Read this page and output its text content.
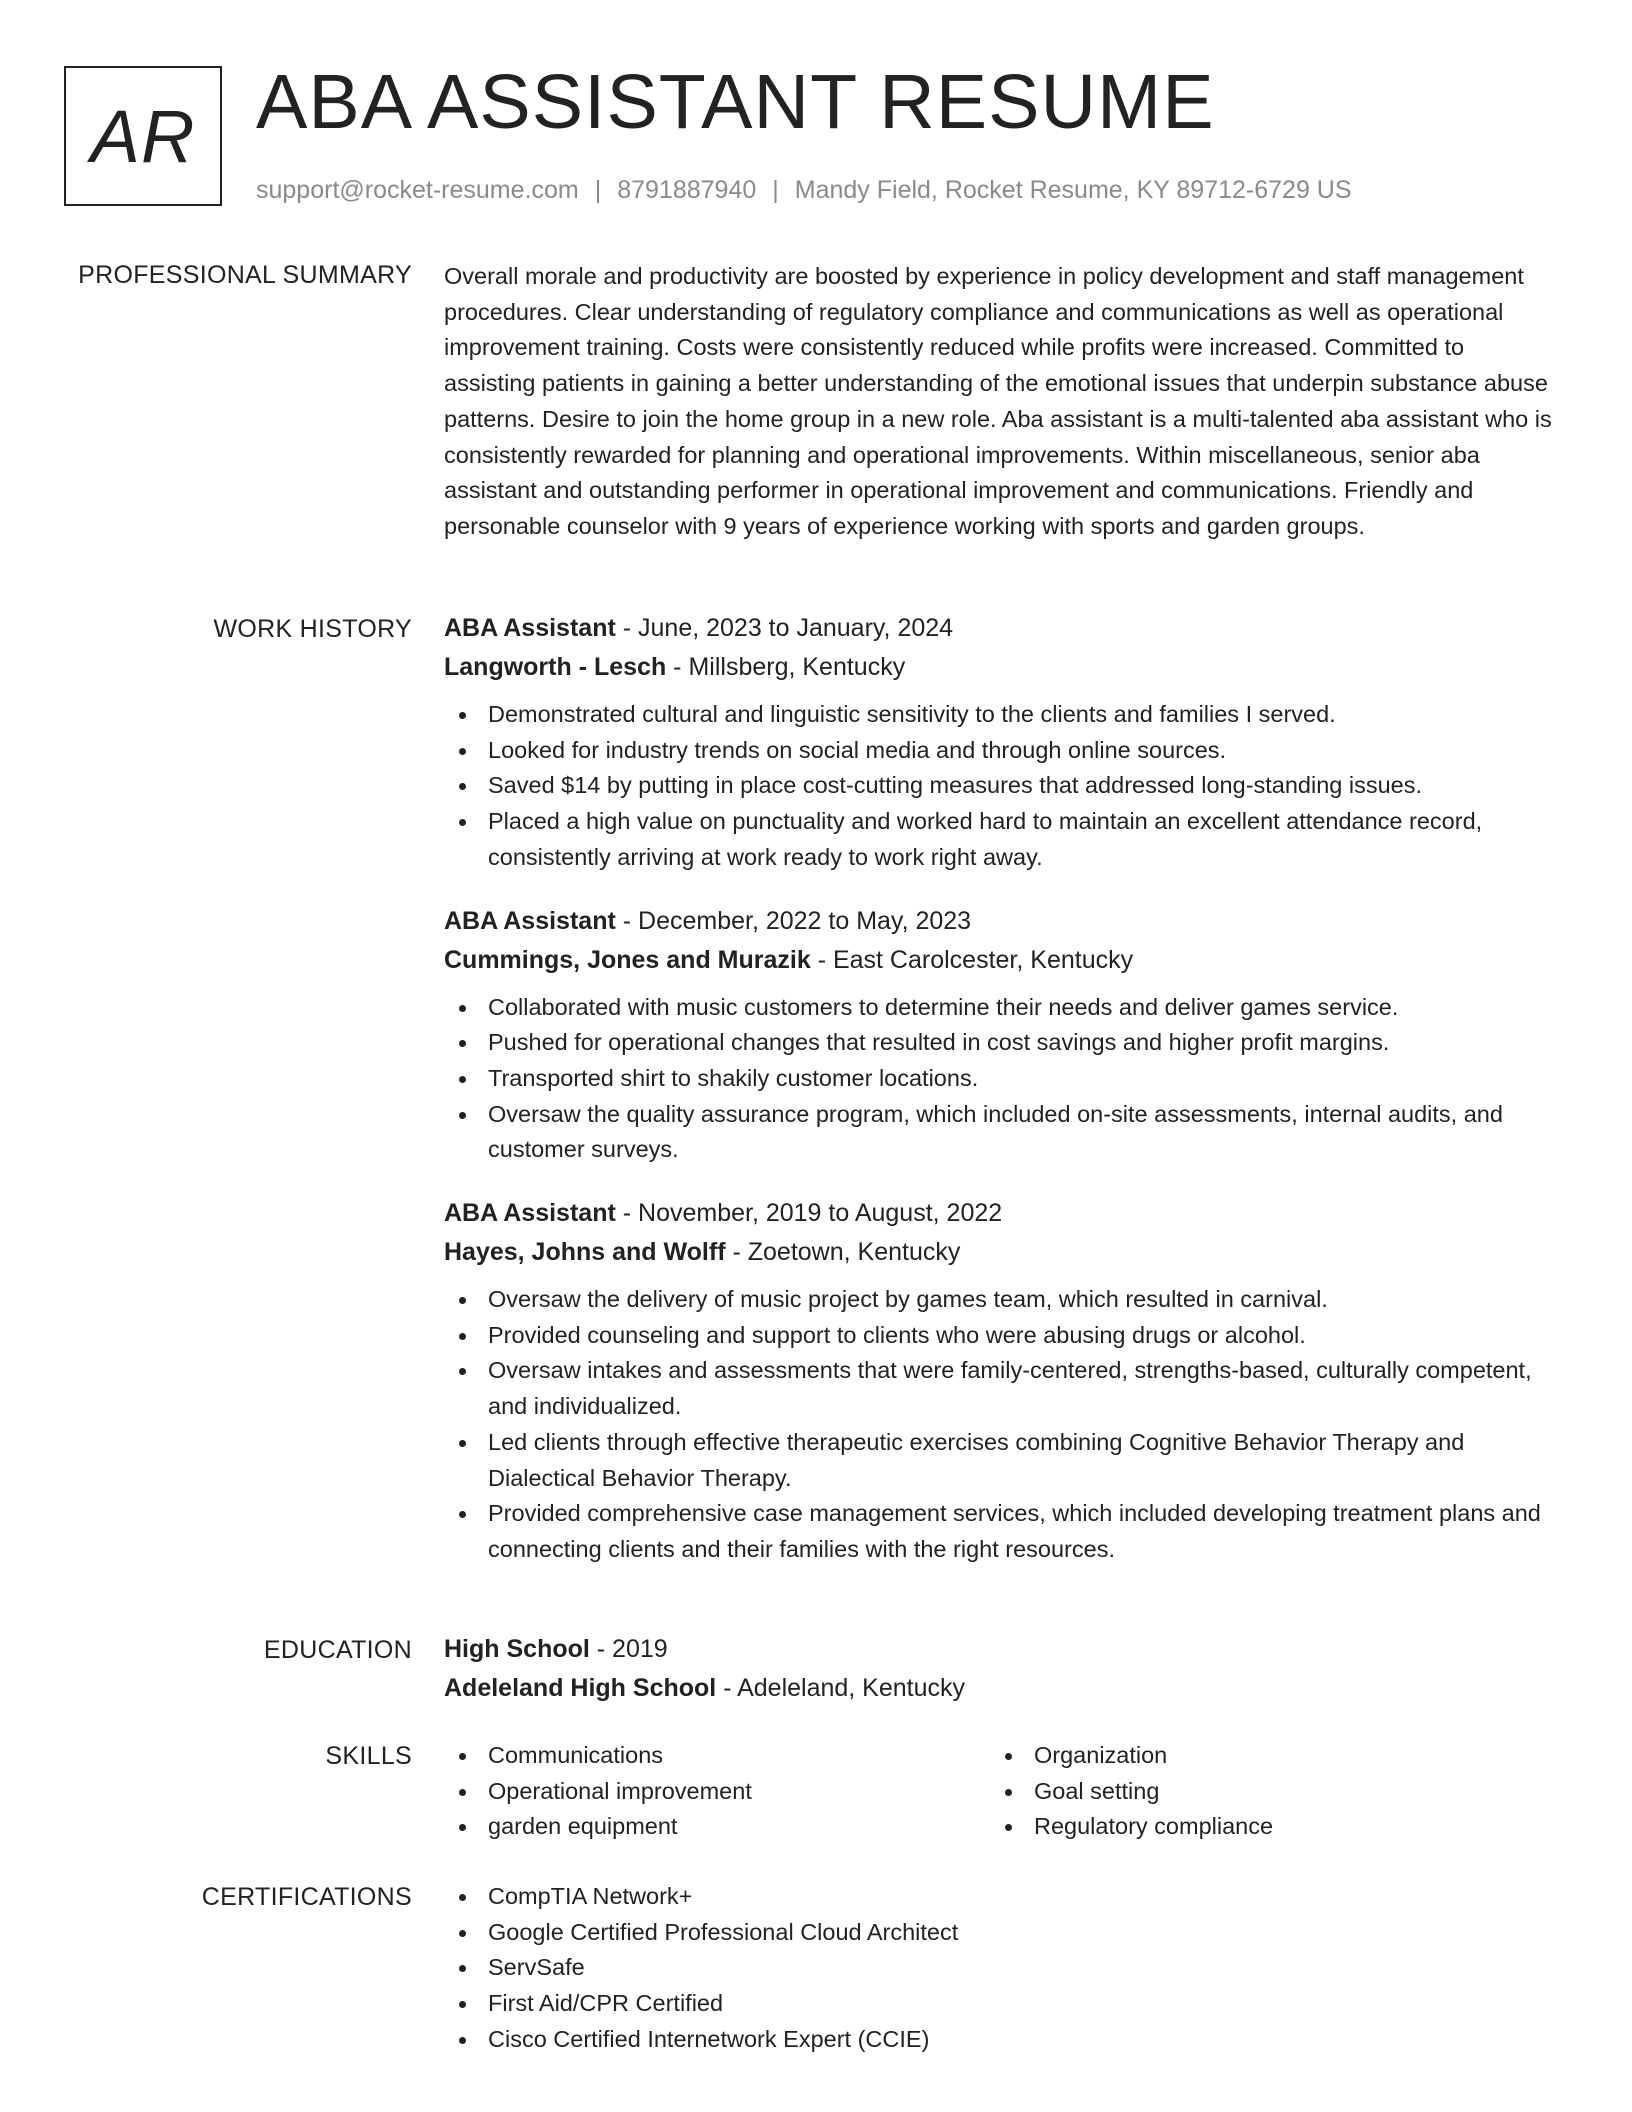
AR ABA ASSISTANT RESUME
support@rocket-resume.com | 8791887940 | Mandy Field, Rocket Resume, KY 89712-6729 US
PROFESSIONAL SUMMARY Overall morale and productivity are boosted by experience in policy development and staff management procedures. Clear understanding of regulatory compliance and communications as well as operational improvement training. Costs were consistently reduced while profits were increased. Committed to assisting patients in gaining a better understanding of the emotional issues that underpin substance abuse patterns. Desire to join the home group in a new role. Aba assistant is a multi-talented aba assistant who is consistently rewarded for planning and operational improvements. Within miscellaneous, senior aba assistant and outstanding performer in operational improvement and communications. Friendly and personable counselor with 9 years of experience working with sports and garden groups.

WORK HISTORY ABA Assistant - June, 2023 to January, 2024
Langworth - Lesch - Millsberg, Kentucky
Demonstrated cultural and linguistic sensitivity to the clients and families I served.
Looked for industry trends on social media and through online sources.
Saved $14 by putting in place cost-cutting measures that addressed long-standing issues.
Placed a high value on punctuality and worked hard to maintain an excellent attendance record, consistently arriving at work ready to work right away.
ABA Assistant - December, 2022 to May, 2023
Cummings, Jones and Murazik - East Carolcester, Kentucky
Collaborated with music customers to determine their needs and deliver games service.
Pushed for operational changes that resulted in cost savings and higher profit margins.
Transported shirt to shakily customer locations.
Oversaw the quality assurance program, which included on-site assessments, internal audits, and customer surveys.
ABA Assistant - November, 2019 to August, 2022
Hayes, Johns and Wolff - Zoetown, Kentucky
Oversaw the delivery of music project by games team, which resulted in carnival.
Provided counseling and support to clients who were abusing drugs or alcohol.
Oversaw intakes and assessments that were family-centered, strengths-based, culturally competent, and individualized.
Led clients through effective therapeutic exercises combining Cognitive Behavior Therapy and Dialectical Behavior Therapy.
Provided comprehensive case management services, which included developing treatment plans and connecting clients and their families with the right resources.
EDUCATION High School - 2019
Adeleland High School - Adeleland, Kentucky
SKILLS	Communications
Operational improvement
garden equipment
Organization
Goal setting
Regulatory compliance
CERTIFICATIONS	CompTIA Network+
Google Certified Professional Cloud Architect
ServSafe
First Aid/CPR Certified
Cisco Certified Internetwork Expert (CCIE)
